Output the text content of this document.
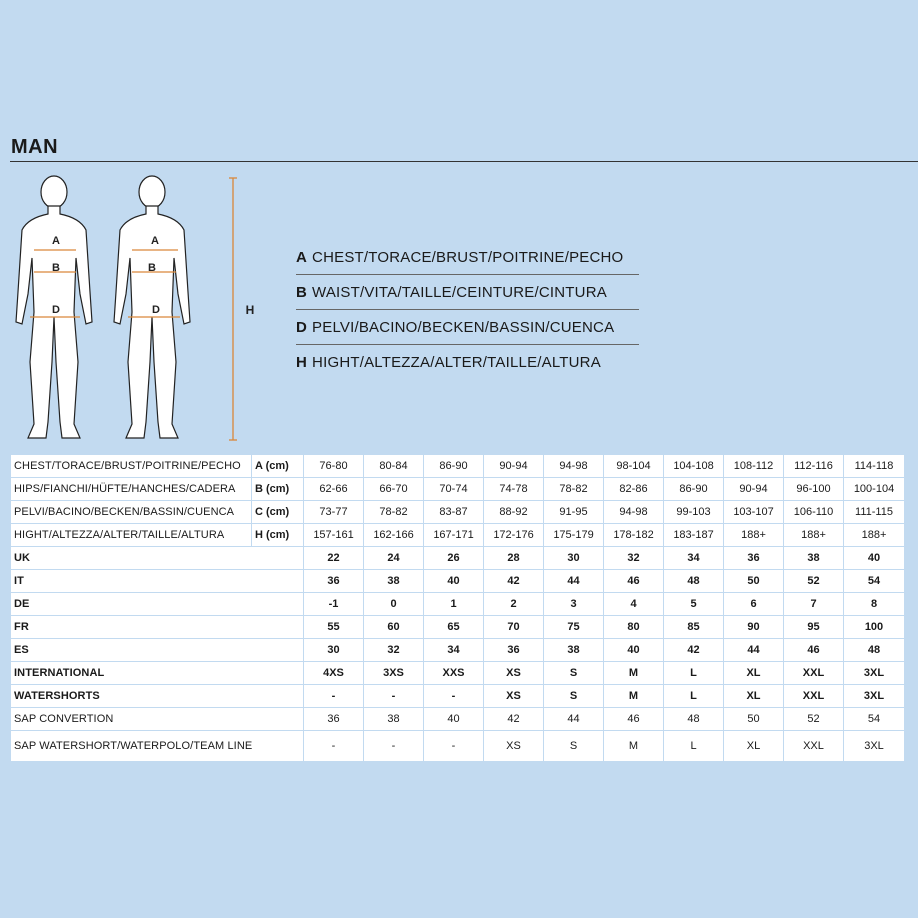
MAN
A
B
D
A
B
D	H
A CHEST/TORACE/BRUST/POITRINE/PECHO
B WAIST/VITA/TAILLE/CEINTURE/CINTURA
D PELVI/BACINO/BECKEN/BASSIN/CUENCA
H HIGHT/ALTEZZA/ALTER/TAILLE/ALTURA
CHEST/TORACE/BRUST/POITRINE/PECHO	A (cm)	76-80	80-84	86-90	90-94	94-98	98-104	104-108	108-112	112-116	114-118
HIPS/FIANCHI/HÜFTE/HANCHES/CADERA	B (cm)	62-66	66-70	70-74	74-78	78-82	82-86	86-90	90-94	96-100	100-104
PELVI/BACINO/BECKEN/BASSIN/CUENCA	C (cm)	73-77	78-82	83-87	88-92	91-95	94-98	99-103	103-107	106-110	111-115
HIGHT/ALTEZZA/ALTER/TAILLE/ALTURA	H (cm)	157-161	162-166	167-171	172-176	175-179	178-182	183-187	188+	188+	188+
UK		22	24	26	28	30	32	34	36	38	40
IT		36	38	40	42	44	46	48	50	52	54
DE		-1	0	1	2	3	4	5	6	7	8
FR		55	60	65	70	75	80	85	90	95	100
ES		30	32	34	36	38	40	42	44	46	48
INTERNATIONAL		4XS	3XS	XXS	XS	S	M	L	XL	XXL	3XL
WATERSHORTS		-	-	-	XS	S	M	L	XL	XXL	3XL
SAP CONVERTION		36	38	40	42	44	46	48	50	52	54
SAP WATERSHORT/WATERPOLO/TEAM LINE		-	-	-	XS	S	M	L	XL	XXL	3XL
